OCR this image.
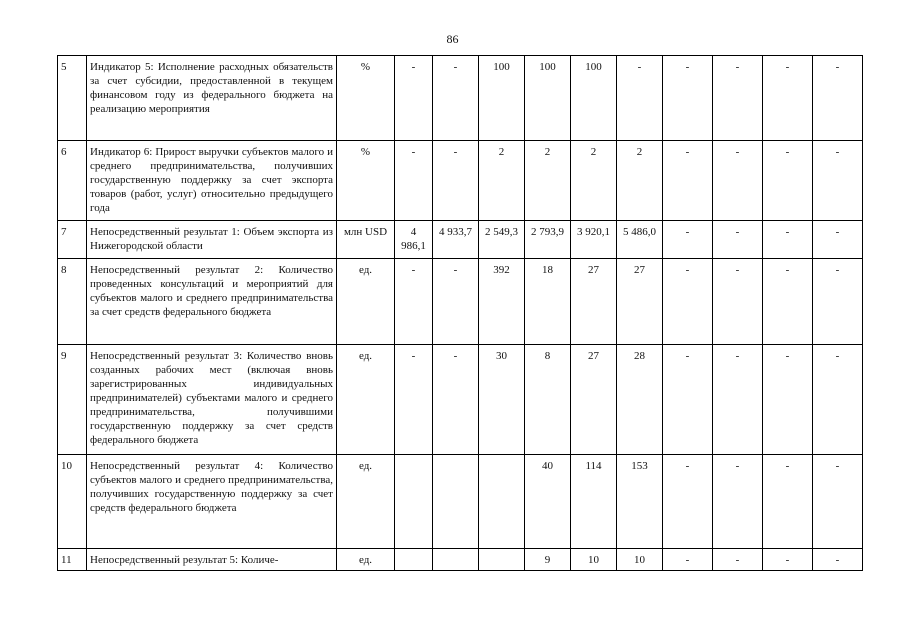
86
5	Индикатор 5: Исполнение расходных обязательств за счет субсидии, предоставленной в текущем финансовом году из федерального бюджета на реализацию мероприятия	%	-	-	100	100	100	-	-	-	-	-
6	Индикатор 6: Прирост выручки субъектов малого и среднего предпринимательства, получивших государственную поддержку за счет экспорта товаров (работ, услуг) относительно предыдущего года	%	-	-	2	2	2	2	-	-	-	-
7	Непосредственный результат 1: Объем экспорта из Нижегородской области	млн USD	4 986,1	4 933,7	2 549,3	2 793,9	3 920,1	5 486,0	-	-	-	-
8	Непосредственный результат 2: Количество проведенных консультаций и мероприятий для субъектов малого и среднего предпринимательства за счет средств федерального бюджета	ед.	-	-	392	18	27	27	-	-	-	-
9	Непосредственный результат 3: Количество вновь созданных рабочих мест (включая вновь зарегистрированных индивидуальных предпринимателей) субъектами малого и среднего предпринимательства, получившими государственную поддержку за счет средств федерального бюджета	ед.	-	-	30	8	27	28	-	-	-	-
10	Непосредственный результат 4: Количество субъектов малого и среднего предпринимательства, получивших государственную поддержку за счет средств федерального бюджета	ед.				40	114	153	-	-	-	-
11	Непосредственный результат 5: Количе-	ед.				9	10	10	-	-	-	-
